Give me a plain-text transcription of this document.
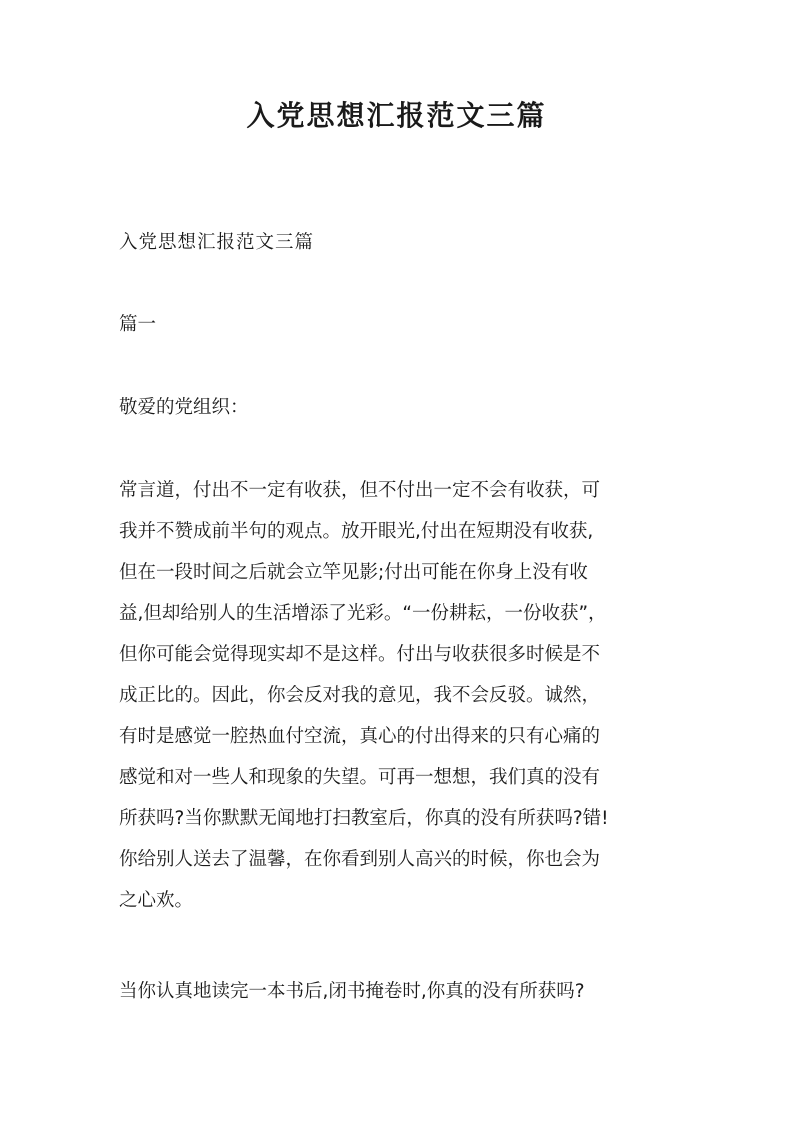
入党思想汇报范文三篇

入党思想汇报范文三篇

篇一

敬爱的党组织：

常言道，付出不一定有收获，但不付出一定不会有收获，可
我并不赞成前半句的观点。放开眼光,付出在短期没有收获,
但在一段时间之后就会立竿见影;付出可能在你身上没有收
益,但却给别人的生活增添了光彩。“一份耕耘，一份收获”，
但你可能会觉得现实却不是这样。付出与收获很多时候是不
成正比的。因此，你会反对我的意见，我不会反驳。诚然，
有时是感觉一腔热血付空流，真心的付出得来的只有心痛的
感觉和对一些人和现象的失望。可再一想想，我们真的没有
所获吗?当你默默无闻地打扫教室后，你真的没有所获吗?错!
你给别人送去了温馨，在你看到别人高兴的时候，你也会为
之心欢。

当你认真地读完一本书后,闭书掩卷时,你真的没有所获吗?
